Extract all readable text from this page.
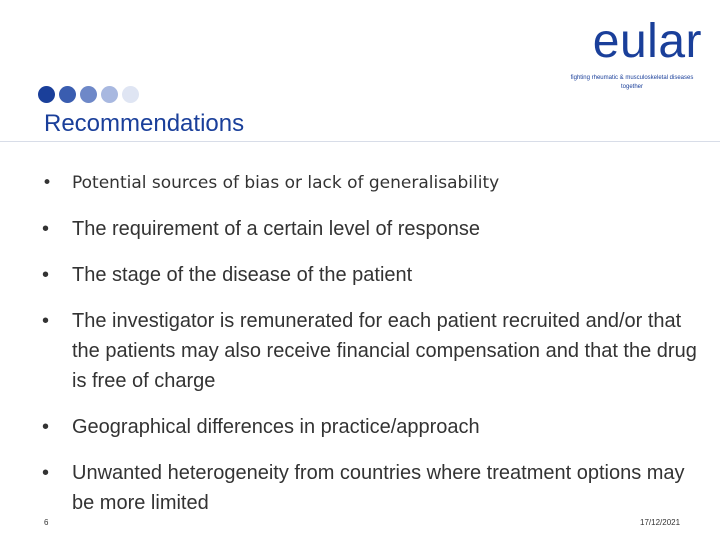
eular
fighting rheumatic & musculoskeletal diseases together
Recommendations
• Potential sources of bias or lack of generalisability
• The requirement of a certain level of response
• The stage of the disease of the patient
• The investigator is remunerated for each patient recruited and/or that the patients may also receive financial compensation and that the drug is free of charge
• Geographical differences in practice/approach
• Unwanted heterogeneity from countries where treatment options may be more limited
6	17/12/2021
